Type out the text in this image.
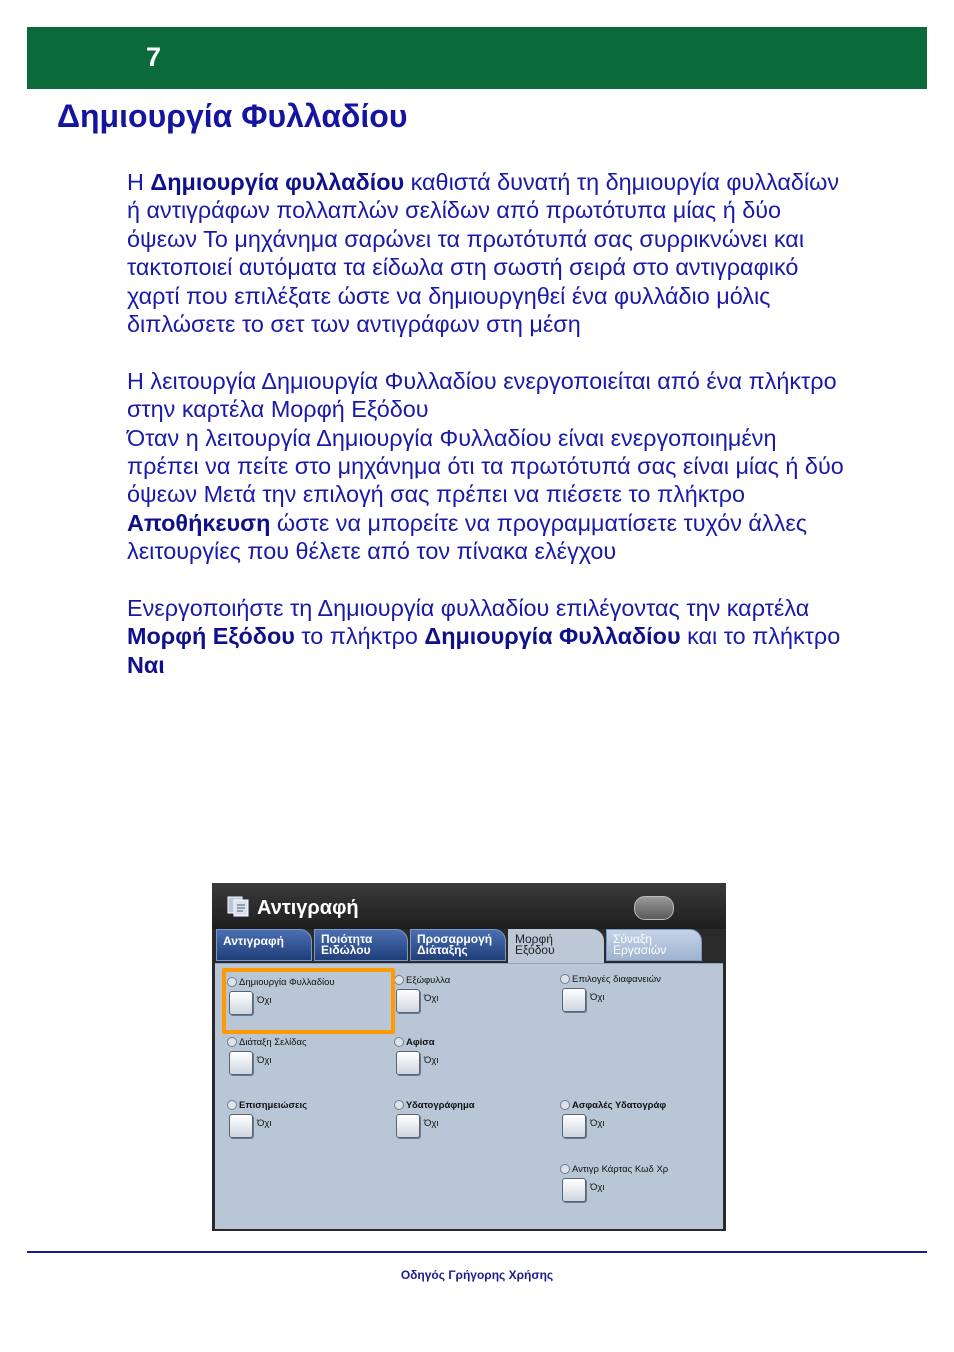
7
Δημιουργία Φυλλαδίου

Η Δημιουργία φυλλαδίου καθιστά δυνατή τη δημιουργία φυλλαδίων ή αντιγράφων πολλαπλών σελίδων από πρωτότυπα μίας ή δύο όψεων Το μηχάνημα σαρώνει τα πρωτότυπά σας συρρικνώνει και τακτοποιεί αυτόματα τα είδωλα στη σωστή σειρά στο αντιγραφικό χαρτί που επιλέξατε ώστε να δημιουργηθεί ένα φυλλάδιο μόλις διπλώσετε το σετ των αντιγράφων στη μέση

Η λειτουργία Δημιουργία Φυλλαδίου ενεργοποιείται από ένα πλήκτρο στην καρτέλα Μορφή Εξόδου
Όταν η λειτουργία Δημιουργία Φυλλαδίου είναι ενεργοποιημένη πρέπει να πείτε στο μηχάνημα ότι τα πρωτότυπά σας είναι μίας ή δύο όψεων Μετά την επιλογή σας πρέπει να πιέσετε το πλήκτρο Αποθήκευση ώστε να μπορείτε να προγραμματίσετε τυχόν άλλες λειτουργίες που θέλετε από τον πίνακα ελέγχου

Ενεργοποιήστε τη Δημιουργία φυλλαδίου επιλέγοντας την καρτέλα Μορφή Εξόδου το πλήκτρο Δημιουργία Φυλλαδίου και το πλήκτρο Ναι

Αντιγραφή
Αντιγραφή	Ποιότητα
Ειδώλου
Προσαρμογή
Διάταξης
Μορφή
Εξόδου
Σύναξη
Εργασιών
Δημιουργία Φυλλαδίου
Όχι
Εξώφυλλα
Όχι
Επιλογές διαφανειών
Όχι
Διάταξη Σελίδας
Όχι
Αφίσα
Όχι
Επισημειώσεις
Όχι
Υδατογράφημα
Όχι
Ασφαλές Υδατογράφ
Όχι
Αντιγρ Κάρτας Κωδ Χρ
Όχι
Οδηγός Γρήγορης Χρήσης
